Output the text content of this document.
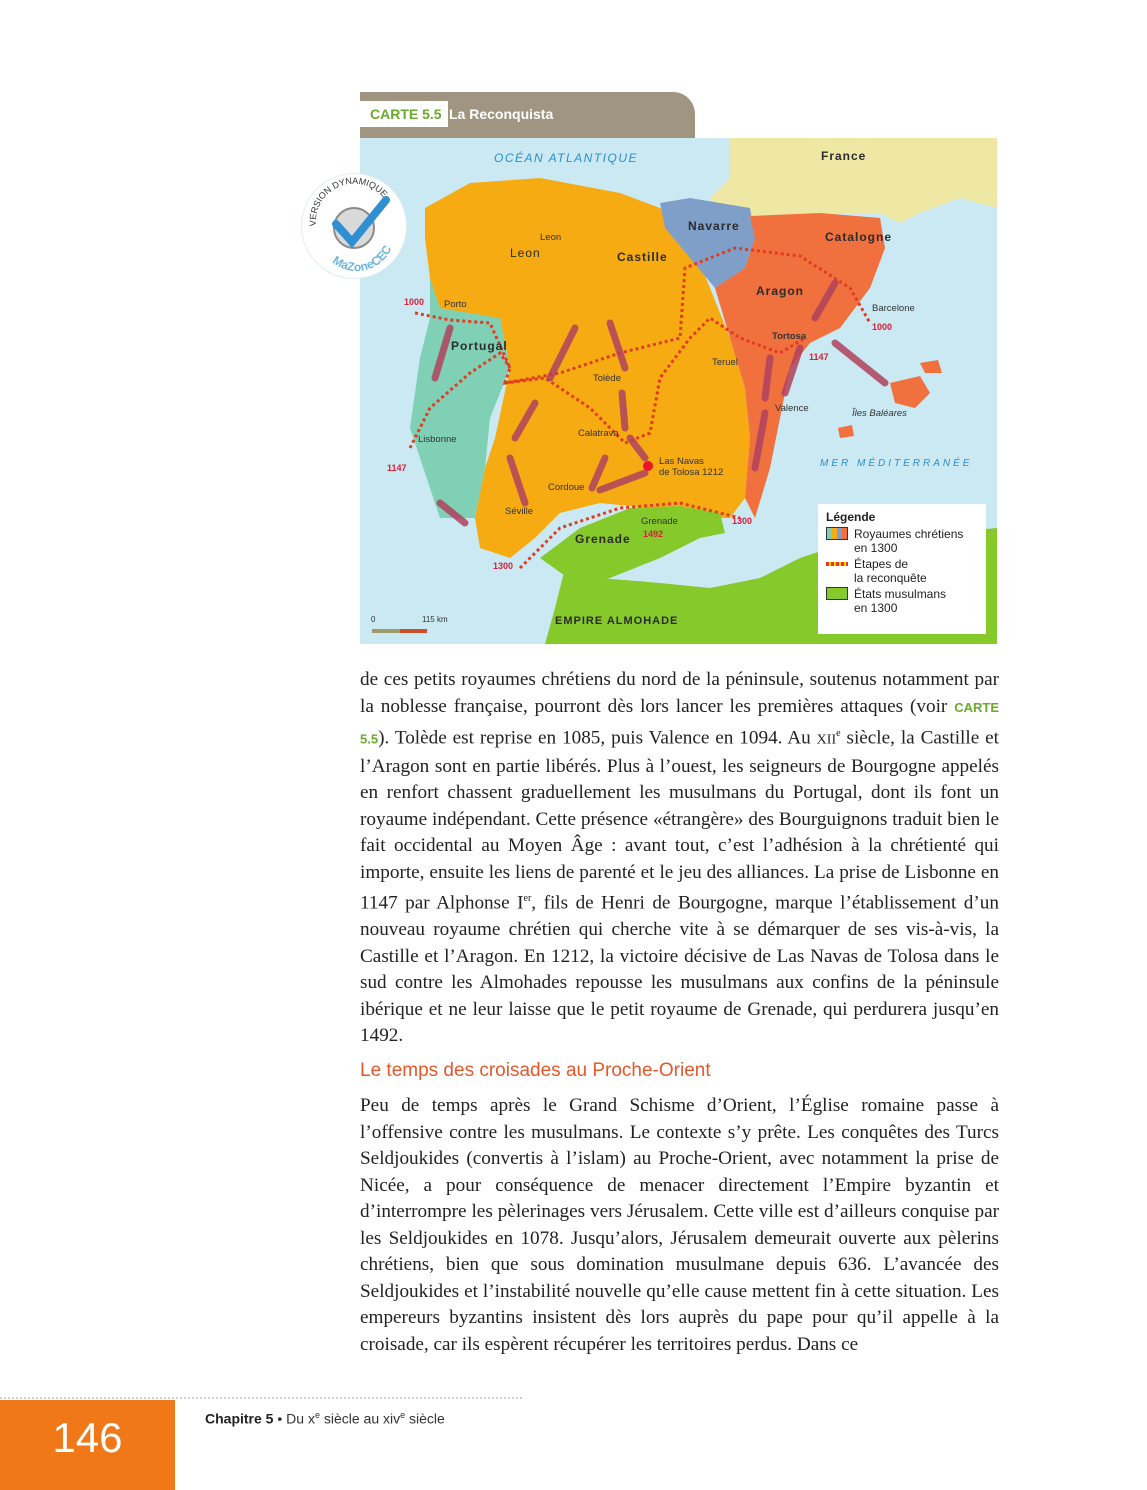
CARTE 5.5 La Reconquista
OCÉAN ATLANTIQUE
MER MÉDITERRANÉE
France
Navarre
Catalogne
Aragon
Leon	Castille
Portugal
Grenade
EMPIRE ALMOHADE
Leon
Porto	Barcelone
Tortosa
Teruel
Tolède
Lisbonne
Calatrava
Valence	Îles Baléares
Las Navas
de Tolosa 1212
Cordoue
Séville
Grenade
1000
1000
1147
1147
1300
1492
1300
0	115 km
VERSION DYNAMIQUE
MaZoneCEC
Légende
Royaumes chrétiens
en 1300
Étapes de
la reconquête
États musulmans
en 1300
de ces petits royaumes chrétiens du nord de la péninsule, soutenus notamment par la noblesse française, pourront dès lors lancer les premières attaques (voir CARTE 5.5). Tolède est reprise en 1085, puis Valence en 1094. Au XIIe siècle, la Castille et l’Aragon sont en partie libérés. Plus à l’ouest, les seigneurs de Bourgogne appelés en renfort chassent graduellement les musulmans du Portugal, dont ils font un royaume indépendant. Cette présence «étrangère» des Bourguignons traduit bien le fait occidental au Moyen Âge : avant tout, c’est l’adhésion à la chrétienté qui importe, ensuite les liens de parenté et le jeu des alliances. La prise de Lisbonne en 1147 par Alphonse Ier, fils de Henri de Bourgogne, marque l’établissement d’un nouveau royaume chrétien qui cherche vite à se démarquer de ses vis-à-vis, la Castille et l’Aragon. En 1212, la victoire décisive de Las Navas de Tolosa dans le sud contre les Almohades repousse les musulmans aux confins de la péninsule ibérique et ne leur laisse que le petit royaume de Grenade, qui perdurera jusqu’en 1492.
Le temps des croisades au Proche-Orient
Peu de temps après le Grand Schisme d’Orient, l’Église romaine passe à l’offensive contre les musulmans. Le contexte s’y prête. Les conquêtes des Turcs Seldjoukides (convertis à l’islam) au Proche-Orient, avec notamment la prise de Nicée, a pour conséquence de menacer directement l’Empire byzantin et d’interrompre les pèlerinages vers Jérusalem. Cette ville est d’ailleurs conquise par les Seldjoukides en 1078. Jusqu’alors, Jérusalem demeurait ouverte aux pèlerins chrétiens, bien que sous domination musulmane depuis 636. L’avancée des Seldjoukides et l’instabilité nouvelle qu’elle cause mettent fin à cette situation. Les empereurs byzantins insistent dès lors auprès du pape pour qu’il appelle à la croisade, car ils espèrent récupérer les territoires perdus. Dans ce
146	Chapitre 5 • Du $x^e$ siècle au xiv$^e$ siècle
